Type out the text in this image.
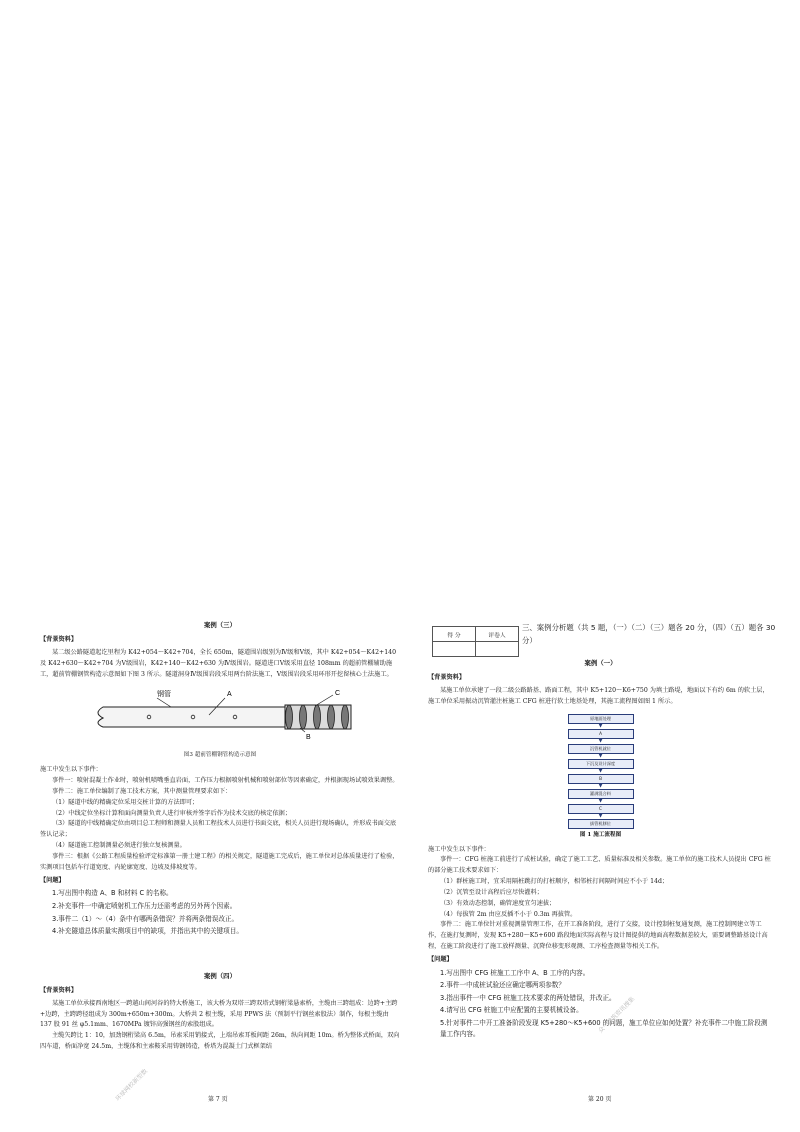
案例（三）
【背景资料】

某二级公路隧道起讫里程为 K42+054～K42+704，全长 650m，隧道围岩级别为Ⅳ级和Ⅴ级，其中 K42+054～K42+140 及 K42+630～K42+704 为Ⅴ级围岩，K42+140～K42+630 为Ⅳ级围岩。隧道进口Ⅴ级采用直径 108mm 的超前管棚辅助施工，超前管棚钢管构造示意图如下图 3 所示。隧道洞身Ⅳ级围岩段采用两台阶法施工，Ⅴ级围岩段采用环形开挖留核心土法施工。

钢管	A
B
C
图3 超前管棚钢管构造示意图

施工中发生以下事件：

事件一：喷射混凝土作业时，喷射机喷嘴垂直岩面，工作压力根据喷射机械和喷射部位等因素确定，并根据现场试喷效果调整。

事件二：施工单位编制了施工技术方案，其中测量管理要求如下：

（1）隧道中线的精确定位采用交桩计算的方法即可；

（2）中线定位坐标计算和面向测量负责人进行审核并签字后作为技术交底的核定依据；

（3）隧道的中线精确定位由项目总工程师和测量人员和工程技术人员进行书面交底，相关人员进行现场确认，并形成书面交底签认记录；

（4）隧道施工控制测量必须进行独立复核测量。

事件三：根据《公路工程质量检验评定标准第一册土建工程》的相关规定，隧道施工完成后，施工单位对总体质量进行了检验，实测项目包括车行道宽度、内轮廓宽度、边坡及排坡度等。

【问题】

1.写出图中构造 A、B 和材料 C 的名称。

2.补充事件一中确定喷射机工作压力还需考虑的另外两个因素。

3.事件二（1）～（4）条中有哪两条错误？并将两条错误改正。

4.补充隧道总体质量实测项目中的缺项，并指出其中的关键项目。

案例（四）
【背景资料】

某施工单位承接西南地区一跨越山间河谷的特大桥施工，该大桥为双塔三跨双塔式钢桁梁悬索桥，主缆由三跨组成：边跨+主跨+边跨，主跨跨径组成为 300m+650m+300m。大桥共 2 根主缆，采用 PPWS 法（预制平行钢丝索股法）制作，每根主缆由 137 股 91 丝 φ5.1mm、1670MPa 镀锌高强钢丝的索股组成。

主缆矢跨比 1：10，加劲钢桁梁高 6.5m，吊索采用销接式，上端吊索耳板间距 26m，纵向间距 10m。桥为整体式桥面，双向四车道，桥面净宽 24.5m，主缆体和主索鞍采用铸钢铸造，桥塔为混凝土门式框架结

第 7 页
环球网校新型数
得 分	评卷人

三、案例分析题（共 5 题，（一）（二）（三）题各 20 分，（四）（五）题各 30 分）
案例（一）
【背景资料】

某施工单位承建了一段二级公路路基、路面工程，其中 K5+120～K6+750 为填土路堤，地面以下有约 6m 的软土层，施工单位采用振动沉管灌注桩施工 CFG 桩进行软土地基处理，其施工流程图如图 1 所示。

原地面处理
▼
A
▼
沉管机就位
▼
下沉及设计深度
▼
B
▼
灌满混合料
▼
C
▼
拔管机移位
图 1 施工流程图

施工中发生以下事件：

事件一：CFG 桩施工前进行了成桩试验，确定了施工工艺、质量标准及相关参数。施工单位的施工技术人员提出 CFG 桩的部分施工技术要求如下：

（1）群桩施工时，宜采用隔桩跳打的打桩顺序，相邻桩打间隔时间应不小于 14d；

（2）沉管至设计高程后应尽快灌料；

（3）有效动态控制，确管速度宜匀速拔；

（4）每拔管 2m 由应反插不小于 0.3m 再拔管。

事件二：施工单位针对重视测量管理工作，在开工准备阶段，进行了交接，设计控制桩复通复测，施工控制网建立等工作，在施打复测时，发现 K5+280～K5+600 路段地面实际高程与设计图提供的地面高程数据差较大，需要调整路基设计高程，在施工阶段进行了施工放样测量、沉降位移变形观测、工序检查测量等相关工作。

【问题】

1.写出图中 CFG 桩施工工序中 A、B 工序的内容。

2.事件一中成桩试验还应确定哪两项参数？

3.指出事件一中 CFG 桩施工技术要求的两处错误，并改正。

4.请写出 CFG 桩施工中应配置的主要机械设备。

5.针对事件二中开工准备阶段发现 K5+280～K5+600 的问题，施工单位应如何处置？补充事件二中施工阶段测量工作内容。

第 20 页
众一建筑资讯搜集
